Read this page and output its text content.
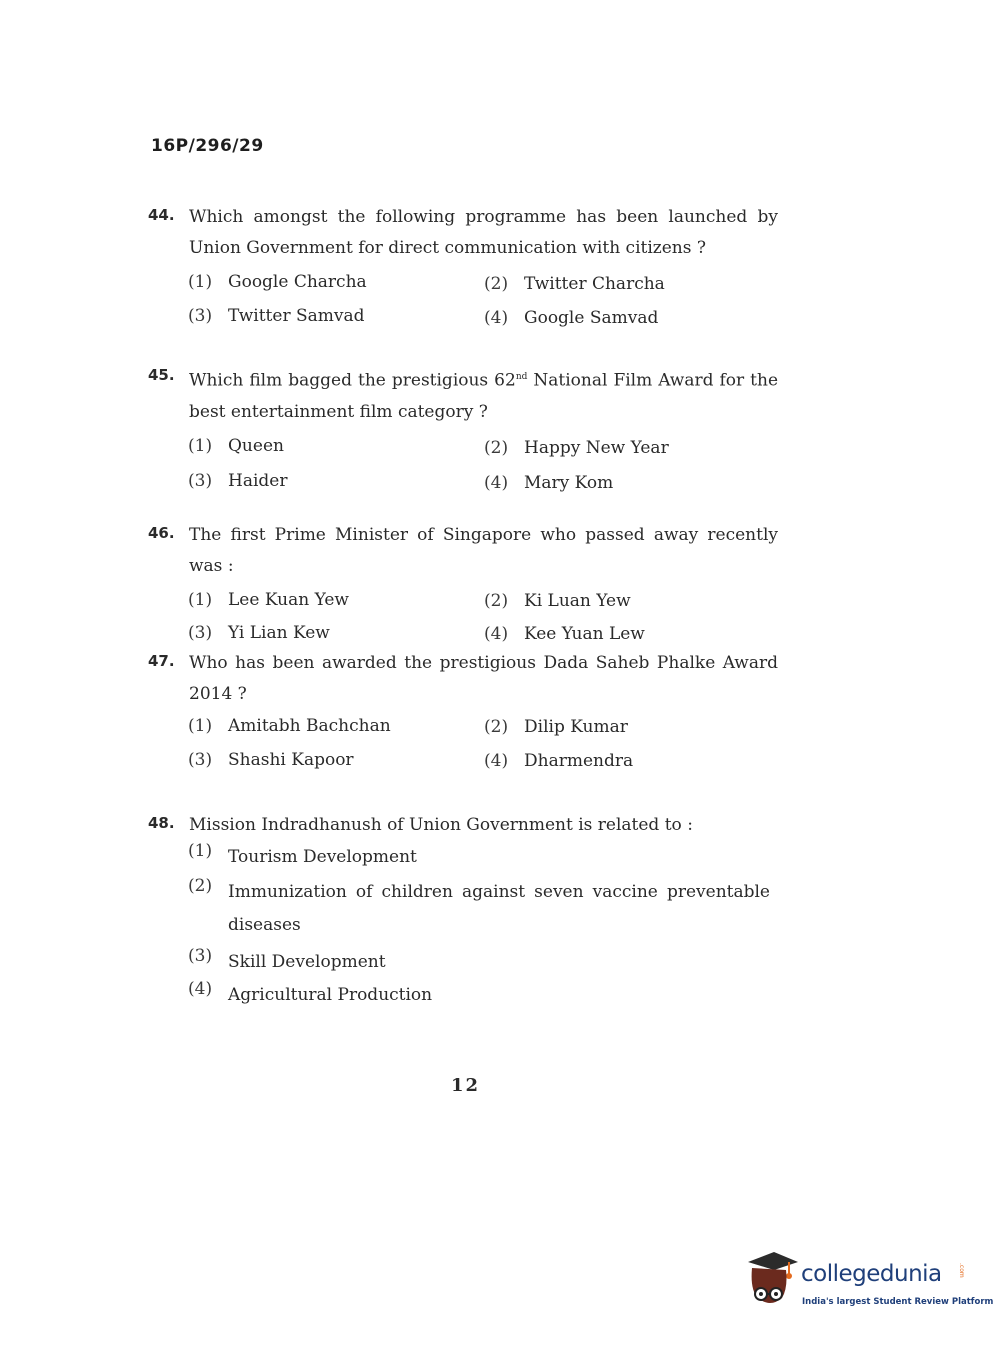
16P/296/29
44. Which amongst the following programme has been launched by Union Government for direct communication with citizens ?
(1) Google Charcha	(2) Twitter Charcha
(3) Twitter Samvad	(4) Google Samvad
45. Which film bagged the prestigious 62nd National Film Award for the best entertainment film category ?
(1) Queen	(2) Happy New Year
(3) Haider	(4) Mary Kom
46. The first Prime Minister of Singapore who passed away recently was :
(1) Lee Kuan Yew	(2) Ki Luan Yew
(3) Yi Lian Kew	(4) Kee Yuan Lew
47. Who has been awarded the prestigious Dada Saheb Phalke Award 2014 ?
(1) Amitabh Bachchan	(2) Dilip Kumar
(3) Shashi Kapoor	(4) Dharmendra
48. Mission Indradhanush of Union Government is related to :
(1) Tourism Development
(2) Immunization of children against seven vaccine preventable diseases
(3) Skill Development
(4) Agricultural Production
12
collegedunia	.com
India's largest Student Review Platform
